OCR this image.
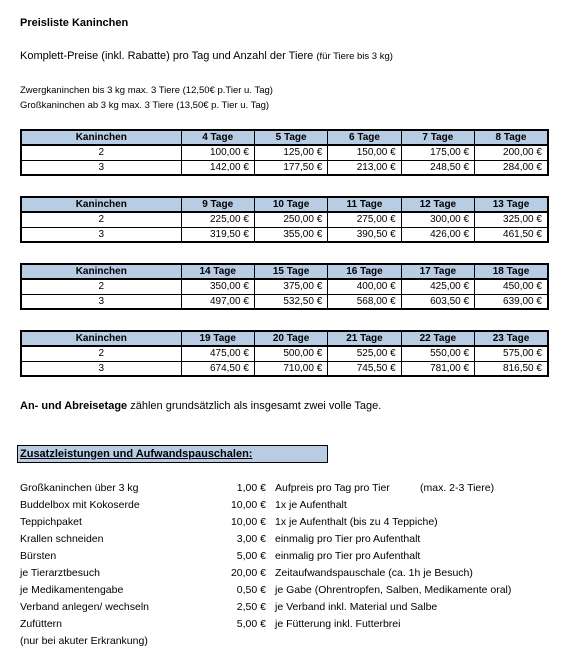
Preisliste Kaninchen
Komplett-Preise (inkl. Rabatte) pro Tag und Anzahl der Tiere (für Tiere bis 3 kg)
Zwergkaninchen bis 3 kg max. 3 Tiere (12,50€ p.Tier u. Tag)
Großkaninchen ab 3 kg max. 3 Tiere (13,50€ p. Tier u. Tag)
Kaninchen	4 Tage	5 Tage	6 Tage	7 Tage	8 Tage
2	100,00 €	125,00 €	150,00 €	175,00 €	200,00 €
3	142,00 €	177,50 €	213,00 €	248,50 €	284,00 €
Kaninchen	9 Tage	10 Tage	11 Tage	12 Tage	13 Tage
2	225,00 €	250,00 €	275,00 €	300,00 €	325,00 €
3	319,50 €	355,00 €	390,50 €	426,00 €	461,50 €
Kaninchen	14 Tage	15 Tage	16 Tage	17 Tage	18 Tage
2	350,00 €	375,00 €	400,00 €	425,00 €	450,00 €
3	497,00 €	532,50 €	568,00 €	603,50 €	639,00 €
Kaninchen	19 Tage	20 Tage	21 Tage	22 Tage	23 Tage
2	475,00 €	500,00 €	525,00 €	550,00 €	575,00 €
3	674,50 €	710,00 €	745,50 €	781,00 €	816,50 €
An- und Abreisetage zählen grundsätzlich als insgesamt zwei volle Tage.
Zusatzleistungen und Aufwandspauschalen:
Großkaninchen über 3 kg	1,00 € Aufpreis pro Tag pro Tier	(max. 2-3 Tiere)
Buddelbox mit Kokoserde	10,00 € 1x je Aufenthalt
Teppichpaket	10,00 € 1x je Aufenthalt (bis zu 4 Teppiche)
Krallen schneiden	3,00 € einmalig pro Tier pro Aufenthalt
Bürsten	5,00 € einmalig pro Tier pro Aufenthalt
je Tierarztbesuch	20,00 € Zeitaufwandspauschale (ca. 1h je Besuch)
je Medikamentengabe	0,50 € je Gabe (Ohrentropfen, Salben, Medikamente oral)
Verband anlegen/ wechseln	2,50 € je Verband inkl. Material und Salbe
Zufüttern	5,00 € je Fütterung inkl. Futterbrei
(nur bei akuter Erkrankung)
